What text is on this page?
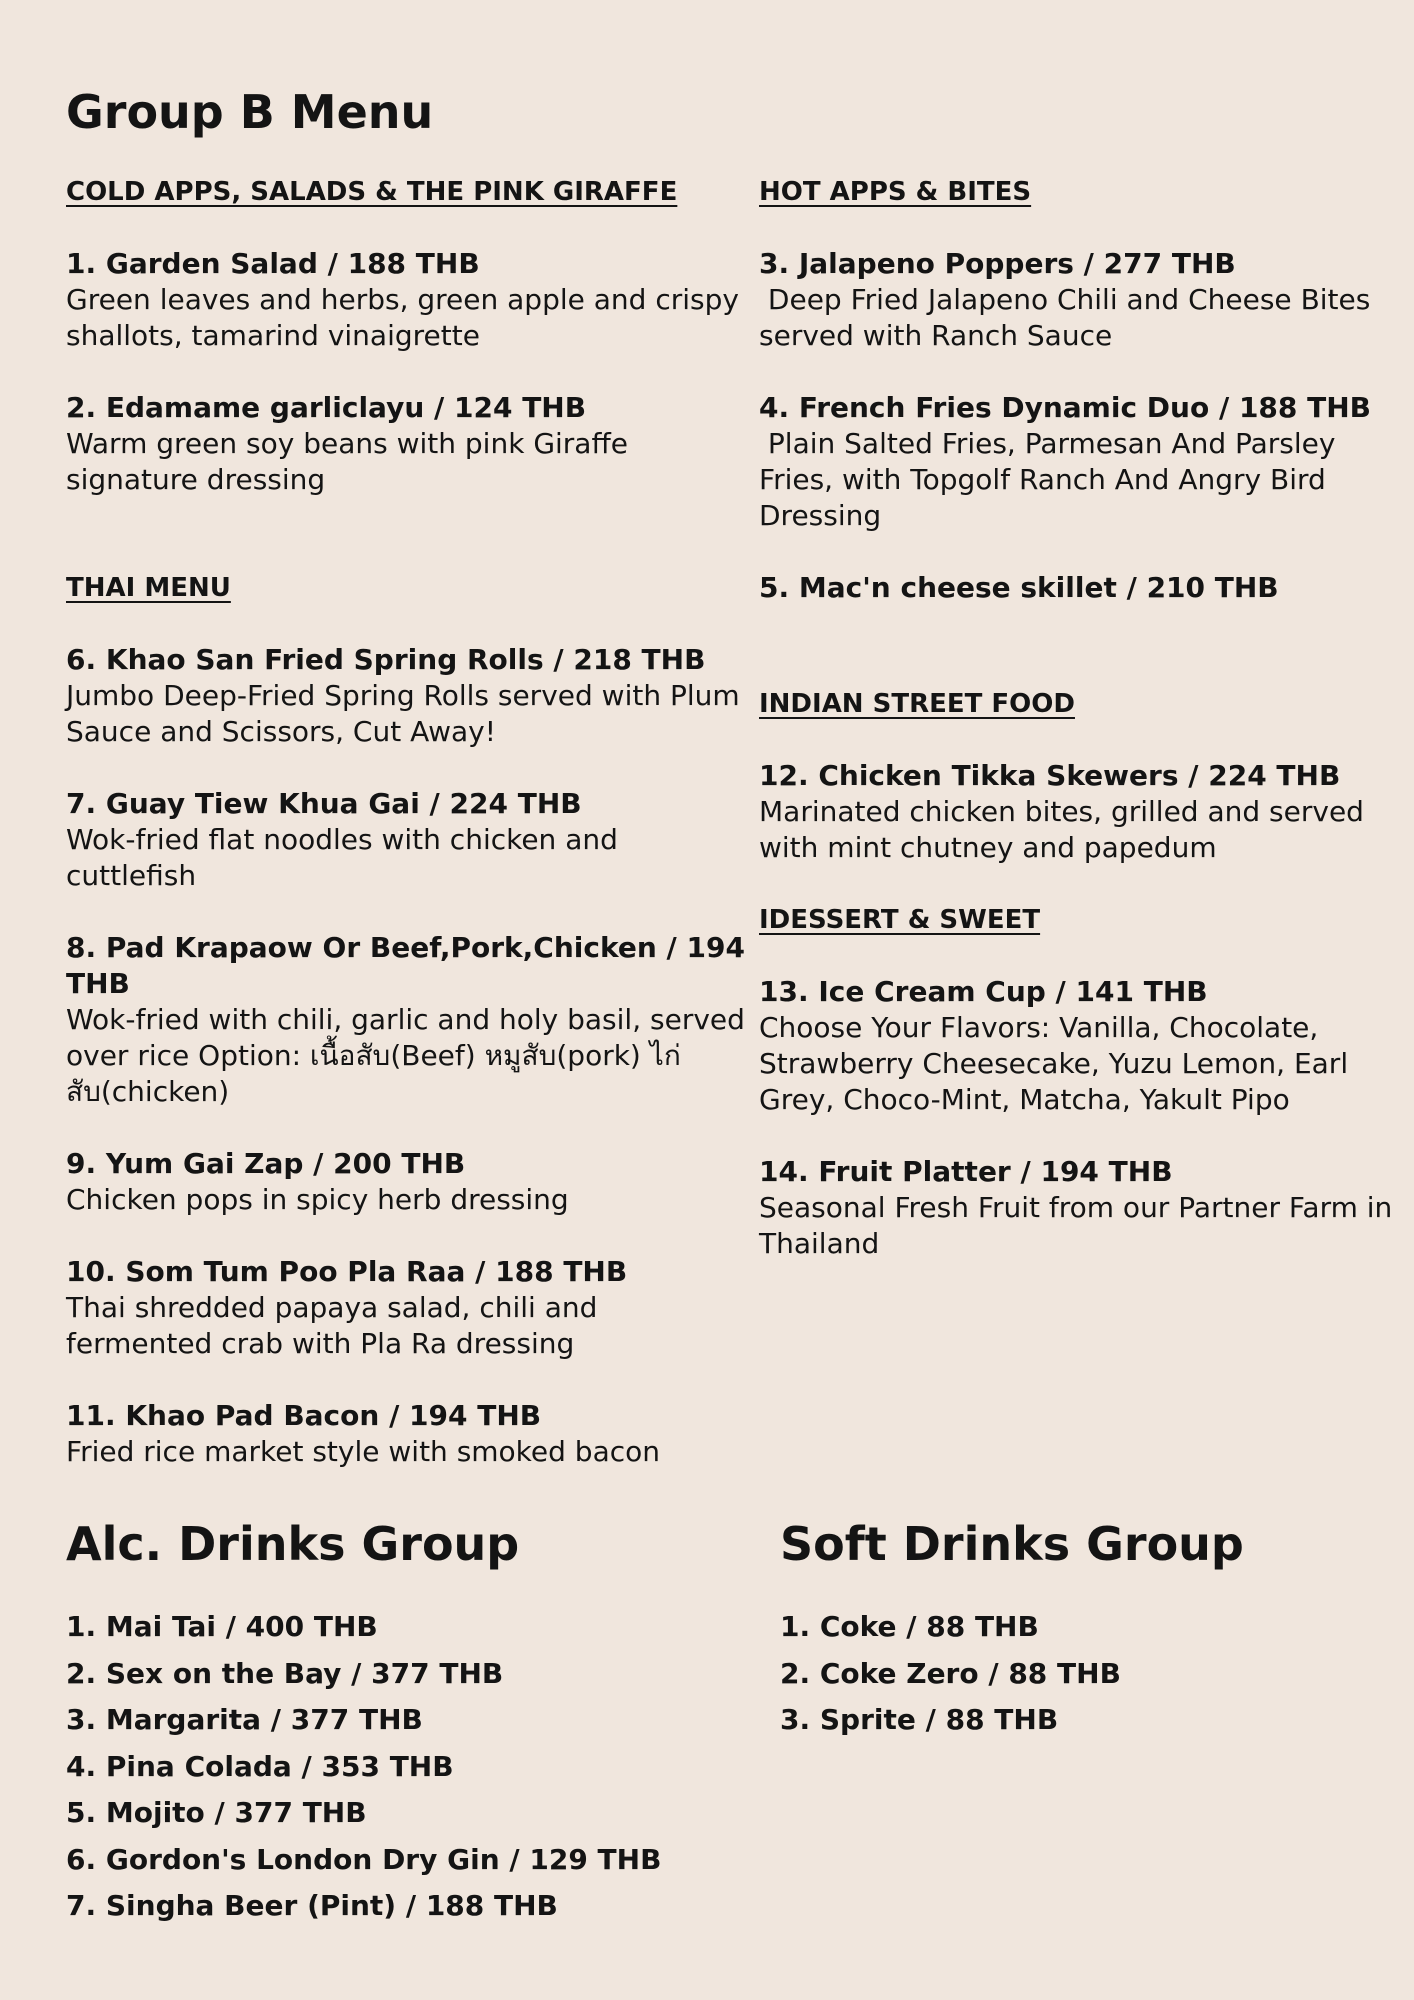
Group B Menu

COLD APPS, SALADS & THE PINK GIRAFFE

1. Garden Salad / 188 THB

Green leaves and herbs, green apple and crispy shallots, tamarind vinaigrette

2. Edamame garliclayu / 124 THB

Warm green soy beans with pink Giraffe signature dressing

THAI MENU

6. Khao San Fried Spring Rolls / 218 THB

Jumbo Deep-Fried Spring Rolls served with Plum Sauce and Scissors, Cut Away!

7. Guay Tiew Khua Gai / 224 THB

Wok-fried flat noodles with chicken and cuttlefish

8. Pad Krapaow Or Beef,Pork,Chicken / 194 THB

Wok-fried with chili, garlic and holy basil, served over rice Option: เนื้อสับ(Beef) หมูสับ(pork) ไก่สับ(chicken)

9. Yum Gai Zap / 200 THB

Chicken pops in spicy herb dressing

10. Som Tum Poo Pla Raa / 188 THB

Thai shredded papaya salad, chili and fermented crab with Pla Ra dressing

11. Khao Pad Bacon / 194 THB

Fried rice market style with smoked bacon

HOT APPS & BITES

3. Jalapeno Poppers / 277 THB

Deep Fried Jalapeno Chili and Cheese Bites served with Ranch Sauce

4. French Fries Dynamic Duo / 188 THB

Plain Salted Fries, Parmesan And Parsley Fries, with Topgolf Ranch And Angry Bird Dressing

5. Mac'n cheese skillet / 210 THB

INDIAN STREET FOOD

12. Chicken Tikka Skewers / 224 THB

Marinated chicken bites, grilled and served with mint chutney and papedum

IDESSERT & SWEET

13. Ice Cream Cup / 141 THB

Choose Your Flavors: Vanilla, Chocolate, Strawberry Cheesecake, Yuzu Lemon, Earl Grey, Choco-Mint, Matcha, Yakult Pipo

14. Fruit Platter / 194 THB

Seasonal Fresh Fruit from our Partner Farm in Thailand

Alc. Drinks Group

1. Mai Tai / 400 THB

2. Sex on the Bay / 377 THB

3. Margarita / 377 THB

4. Pina Colada / 353 THB

5. Mojito / 377 THB

6. Gordon's London Dry Gin / 129 THB

7. Singha Beer (Pint) / 188 THB

Soft Drinks Group

1. Coke / 88 THB

2. Coke Zero / 88 THB

3. Sprite / 88 THB
